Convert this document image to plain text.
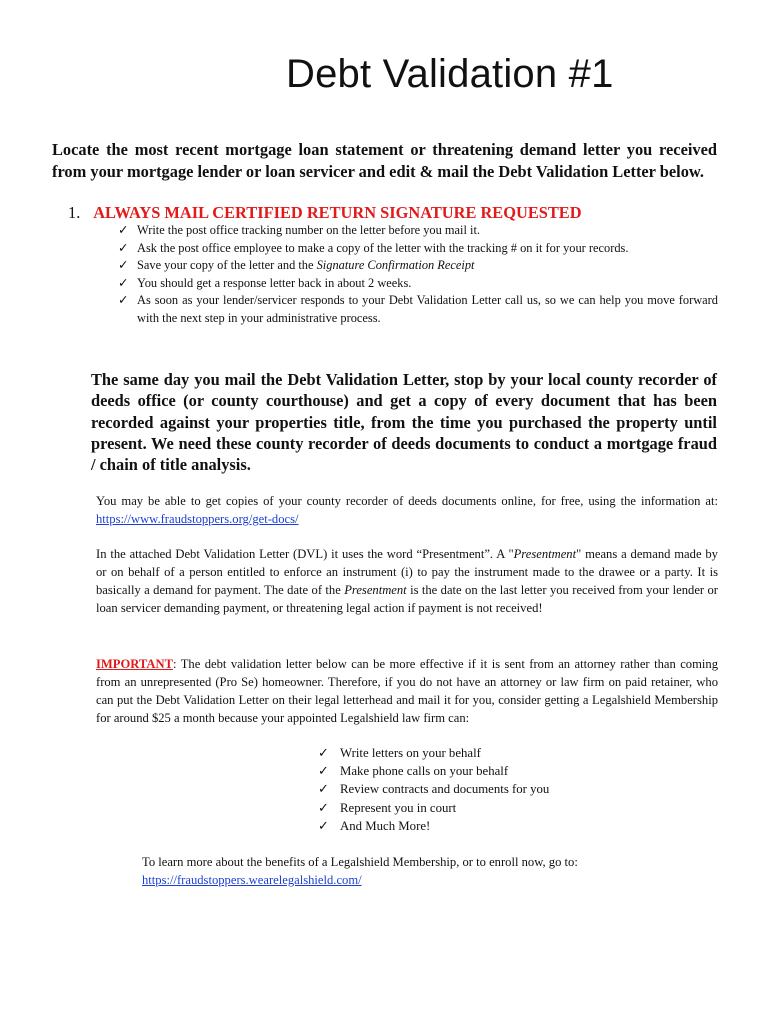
Debt Validation #1

Locate the most recent mortgage loan statement or threatening demand letter you received from your mortgage lender or loan servicer and edit & mail the Debt Validation Letter below.

1. ALWAYS MAIL CERTIFIED RETURN SIGNATURE REQUESTED

✓ Write the post office tracking number on the letter before you mail it.
✓ Ask the post office employee to make a copy of the letter with the tracking # on it for your records.
✓ Save your copy of the letter and the Signature Confirmation Receipt
✓ You should get a response letter back in about 2 weeks.
✓ As soon as your lender/servicer responds to your Debt Validation Letter call us, so we can help you move forward with the next step in your administrative process.

The same day you mail the Debt Validation Letter, stop by your local county recorder of deeds office (or county courthouse) and get a copy of every document that has been recorded against your properties title, from the time you purchased the property until present. We need these county recorder of deeds documents to conduct a mortgage fraud / chain of title analysis.

You may be able to get copies of your county recorder of deeds documents online, for free, using the information at: https://www.fraudstoppers.org/get-docs/

In the attached Debt Validation Letter (DVL) it uses the word “Presentment”. A "Presentment" means a demand made by or on behalf of a person entitled to enforce an instrument (i) to pay the instrument made to the drawee or a party. It is basically a demand for payment. The date of the Presentment is the date on the last letter you received from your lender or loan servicer demanding payment, or threatening legal action if payment is not received!

IMPORTANT: The debt validation letter below can be more effective if it is sent from an attorney rather than coming from an unrepresented (Pro Se) homeowner. Therefore, if you do not have an attorney or law firm on paid retainer, who can put the Debt Validation Letter on their legal letterhead and mail it for you, consider getting a Legalshield Membership for around $25 a month because your appointed Legalshield law firm can:

✓ Write letters on your behalf
✓ Make phone calls on your behalf
✓ Review contracts and documents for you
✓ Represent you in court
✓ And Much More!

To learn more about the benefits of a Legalshield Membership, or to enroll now, go to:
https://fraudstoppers.wearelegalshield.com/
